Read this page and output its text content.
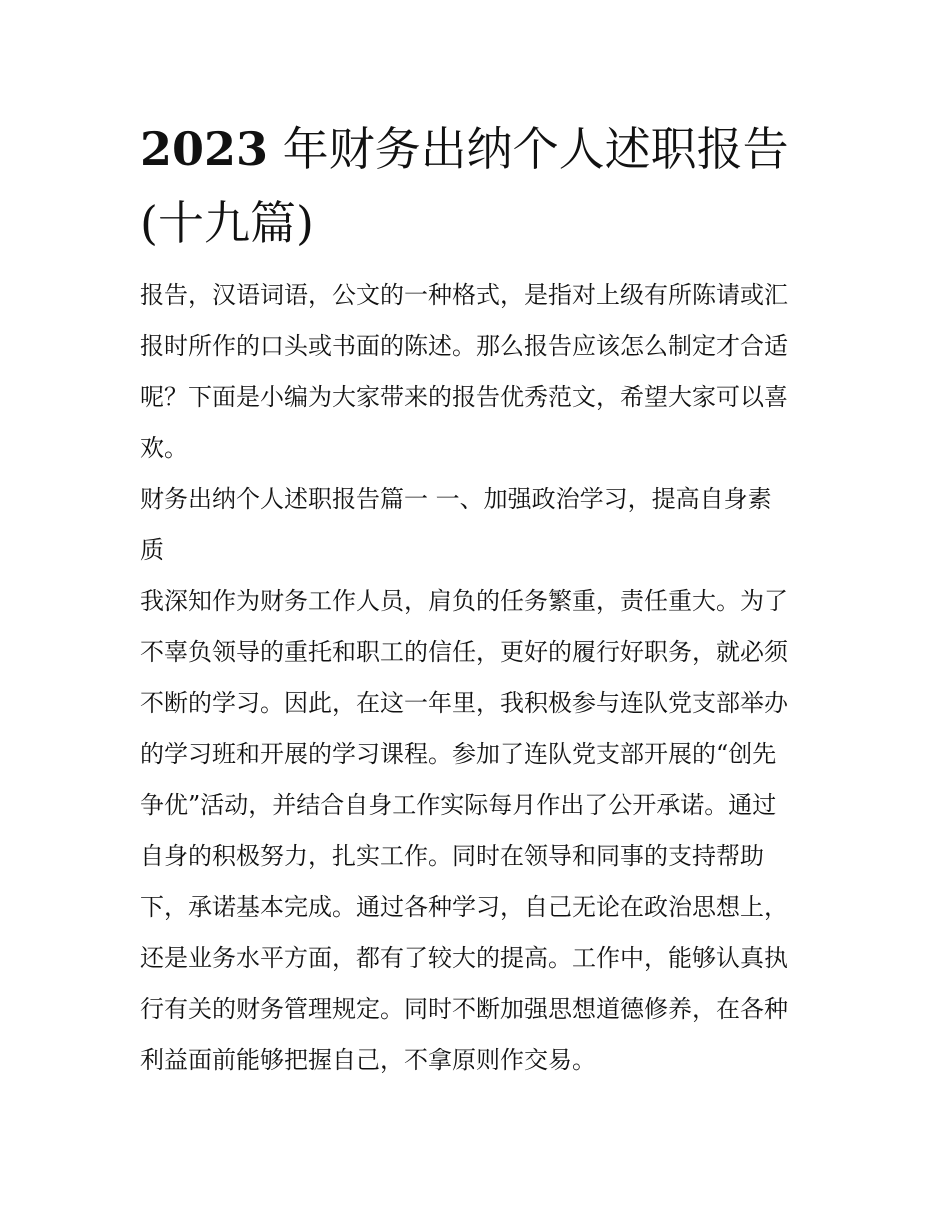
2023 年财务出纳个人述职报告
(十九篇)

报告，汉语词语，公文的一种格式，是指对上级有所陈请或汇
报时所作的口头或书面的陈述。那么报告应该怎么制定才合适
呢？下面是小编为大家带来的报告优秀范文，希望大家可以喜
欢。

财务出纳个人述职报告篇一 一、加强政治学习，提高自身素
质

我深知作为财务工作人员，肩负的任务繁重，责任重大。为了
不辜负领导的重托和职工的信任，更好的履行好职务，就必须
不断的学习。因此，在这一年里，我积极参与连队党支部举办
的学习班和开展的学习课程。参加了连队党支部开展的“创先
争优”活动，并结合自身工作实际每月作出了公开承诺。通过
自身的积极努力，扎实工作。同时在领导和同事的支持帮助
下，承诺基本完成。通过各种学习，自己无论在政治思想上，
还是业务水平方面，都有了较大的提高。工作中，能够认真执
行有关的财务管理规定。同时不断加强思想道德修养，在各种
利益面前能够把握自己，不拿原则作交易。
